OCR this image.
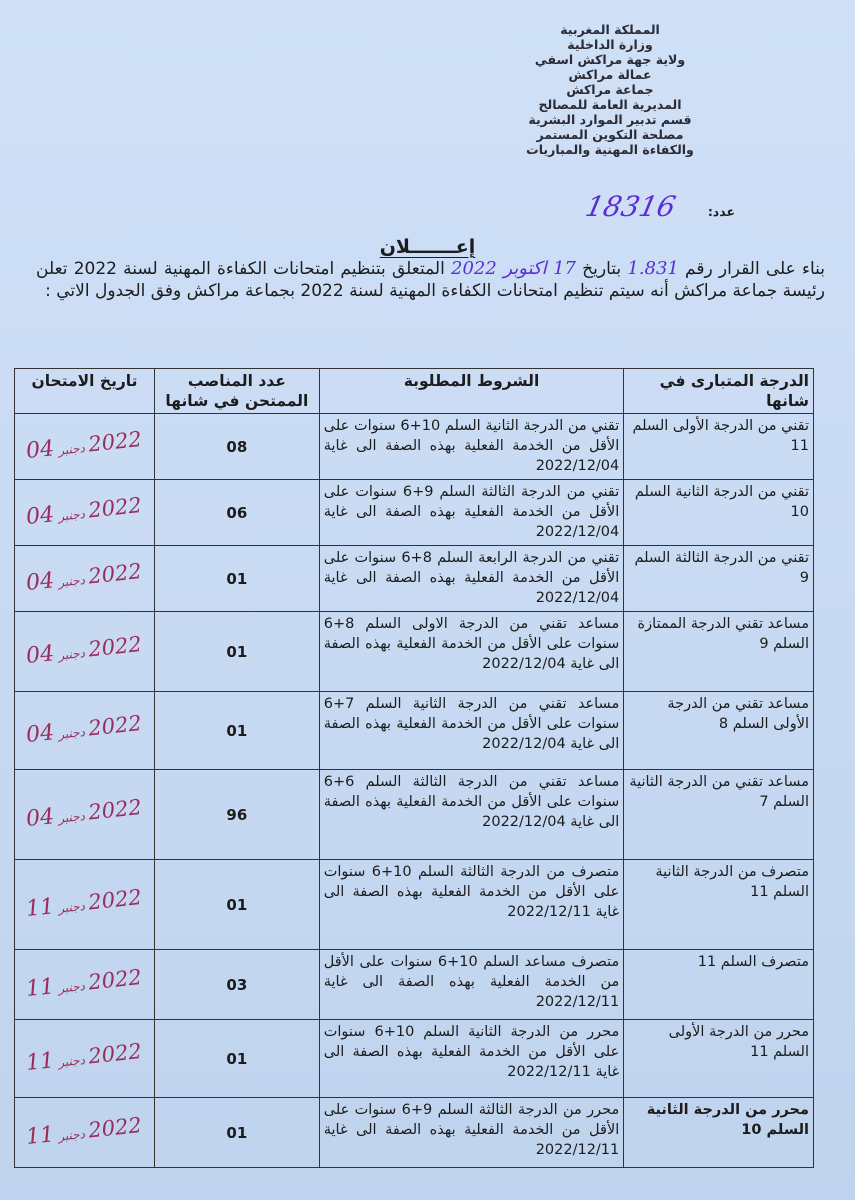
المملكة المغربية
وزارة الداخلية
ولاية جهة مراكش اسفي
عمالة مراكش
جماعة مراكش
المديرية العامة للمصالح
قسم تدبير الموارد البشرية
مصلحة التكوين المستمر
والكفاءة المهنية والمباريات
عدد:
18316
إعـــــــلان

بناء على القرار رقم 1.831 بتاريخ 17 اكتوبر 2022 المتعلق بتنظيم امتحانات الكفاءة المهنية لسنة 2022 تعلن رئيسة جماعة مراكش أنه سيتم تنظيم امتحانات الكفاءة المهنية لسنة 2022 بجماعة مراكش وفق الجدول الاتي :

الدرجة المتبارى في شانها	الشروط المطلوبة	عدد المناصب الممتحن في شانها	تاريخ الامتحان
تقني من الدرجة الأولى السلم 11	تقني من الدرجة الثانية السلم 10+6 سنوات على الأقل من الخدمة الفعلية بهذه الصفة الى غاية 2022/12/04	08	2022دجنبر04
تقني من الدرجة الثانية السلم 10	تقني من الدرجة الثالثة السلم 9+6 سنوات على الأقل من الخدمة الفعلية بهذه الصفة الى غاية 2022/12/04	06	2022دجنبر04
تقني من الدرجة الثالثة السلم 9	تقني من الدرجة الرابعة السلم 8+6 سنوات على الأقل من الخدمة الفعلية بهذه الصفة الى غاية 2022/12/04	01	2022دجنبر04
مساعد تقني الدرجة الممتازة السلم 9	مساعد تقني من الدرجة الاولى السلم 8+6 سنوات على الأقل من الخدمة الفعلية بهذه الصفة الى غاية 2022/12/04	01	2022دجنبر04
مساعد تقني من الدرجة الأولى السلم 8	مساعد تقني من الدرجة الثانية السلم 7+6 سنوات على الأقل من الخدمة الفعلية بهذه الصفة الى غاية 2022/12/04	01	2022دجنبر04
مساعد تقني من الدرجة الثانية السلم 7	مساعد تقني من الدرجة الثالثة السلم 6+6 سنوات على الأقل من الخدمة الفعلية بهذه الصفة الى غاية 2022/12/04	96	2022دجنبر04
متصرف من الدرجة الثانية السلم 11	متصرف من الدرجة الثالثة السلم 10+6 سنوات على الأقل من الخدمة الفعلية بهذه الصفة الى غاية 2022/12/11	01	2022دجنبر11
متصرف السلم 11	متصرف مساعد السلم 10+6 سنوات على الأقل من الخدمة الفعلية بهذه الصفة الى غاية 2022/12/11	03	2022دجنبر11
محرر من الدرجة الأولى السلم 11	محرر من الدرجة الثانية السلم 10+6 سنوات على الأقل من الخدمة الفعلية بهذه الصفة الى غاية 2022/12/11	01	2022دجنبر11
محرر من الدرجة الثانية السلم 10	محرر من الدرجة الثالثة السلم 9+6 سنوات على الأقل من الخدمة الفعلية بهذه الصفة الى غاية 2022/12/11	01	2022دجنبر11
